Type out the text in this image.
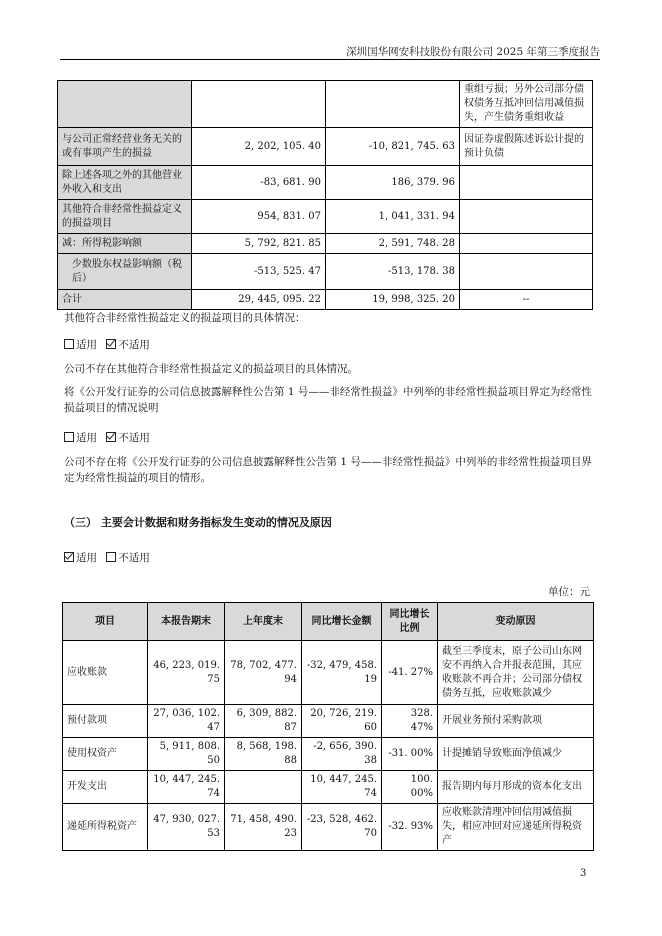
深圳国华网安科技股份有限公司 2025 年第三季度报告
			重组亏损；另外公司部分债权债务互抵冲回信用减值损失，产生债务重组收益
与公司正常经营业务无关的或有事项产生的损益	2, 202, 105. 40	-10, 821, 745. 63	因证券虚假陈述诉讼计提的预计负债
除上述各项之外的其他营业外收入和支出	-83, 681. 90	186, 379. 96	
其他符合非经常性损益定义的损益项目	954, 831. 07	1, 041, 331. 94	
减：所得税影响额	5, 792, 821. 85	2, 591, 748. 28	
少数股东权益影响额（税后）	-513, 525. 47	-513, 178. 38	
合计	29, 445, 095. 22	19, 998, 325. 20	--
其他符合非经常性损益定义的损益项目的具体情况：
适用 不适用
公司不存在其他符合非经常性损益定义的损益项目的具体情况。
将《公开发行证券的公司信息披露解释性公告第 1 号——非经常性损益》中列举的非经常性损益项目界定为经常性损益项目的情况说明
适用 不适用
公司不存在将《公开发行证券的公司信息披露解释性公告第 1 号——非经常性损益》中列举的非经常性损益项目界定为经常性损益的项目的情形。
（三） 主要会计数据和财务指标发生变动的情况及原因
适用 不适用
单位：元
项目	本报告期末	上年度末	同比增长金额	同比增长比例	变动原因
应收账款	46, 223, 019. 75	78, 702, 477. 94	-32, 479, 458. 19	-41. 27%	截至三季度末，原子公司山东网安不再纳入合并报表范围，其应收账款不再合并；公司部分债权债务互抵，应收账款减少
预付款项	27, 036, 102. 47	6, 309, 882. 87	20, 726, 219. 60	328. 47%	开展业务预付采购款项
使用权资产	5, 911, 808. 50	8, 568, 198. 88	-2, 656, 390. 38	-31. 00%	计提摊销导致账面净值减少
开发支出	10, 447, 245. 74		10, 447, 245. 74	100. 00%	报告期内每月形成的资本化支出
递延所得税资产	47, 930, 027. 53	71, 458, 490. 23	-23, 528, 462. 70	-32. 93%	应收账款清理冲回信用减值损失，相应冲回对应递延所得税资产
3
